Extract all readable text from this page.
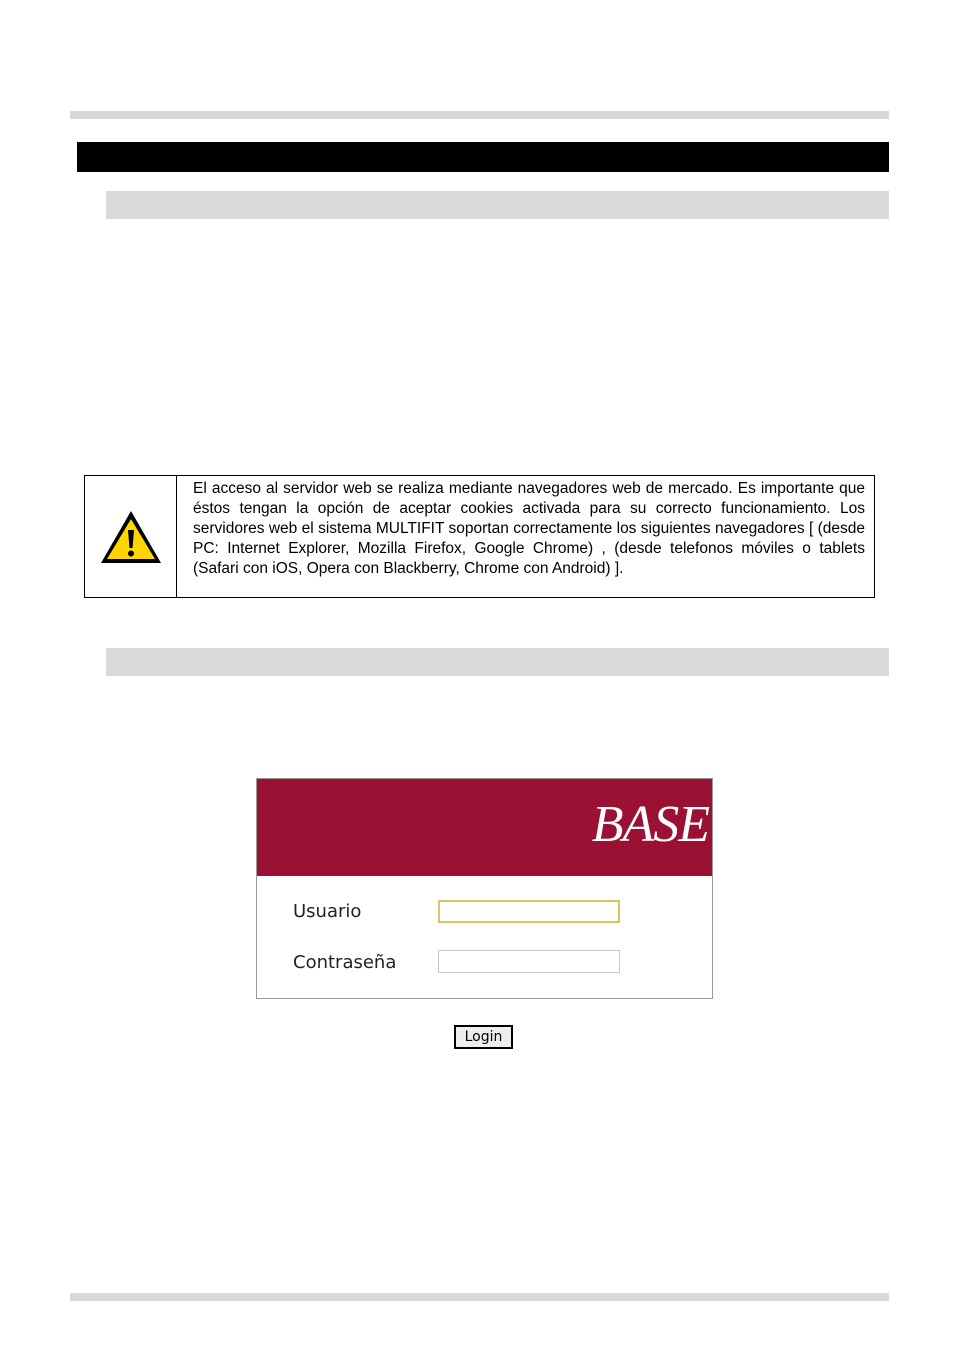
El acceso al servidor web se realiza mediante navegadores web de mercado. Es importante que éstos tengan la opción de aceptar cookies activada para su correcto funcionamiento. Los servidores web el sistema MULTIFIT soportan correctamente los siguientes navegadores [ (desde PC: Internet Explorer, Mozilla Firefox, Google Chrome) , (desde telefonos móviles o tablets (Safari con iOS, Opera con Blackberry, Chrome con Android) ].
BASE
Usuario
Contraseña
Login
